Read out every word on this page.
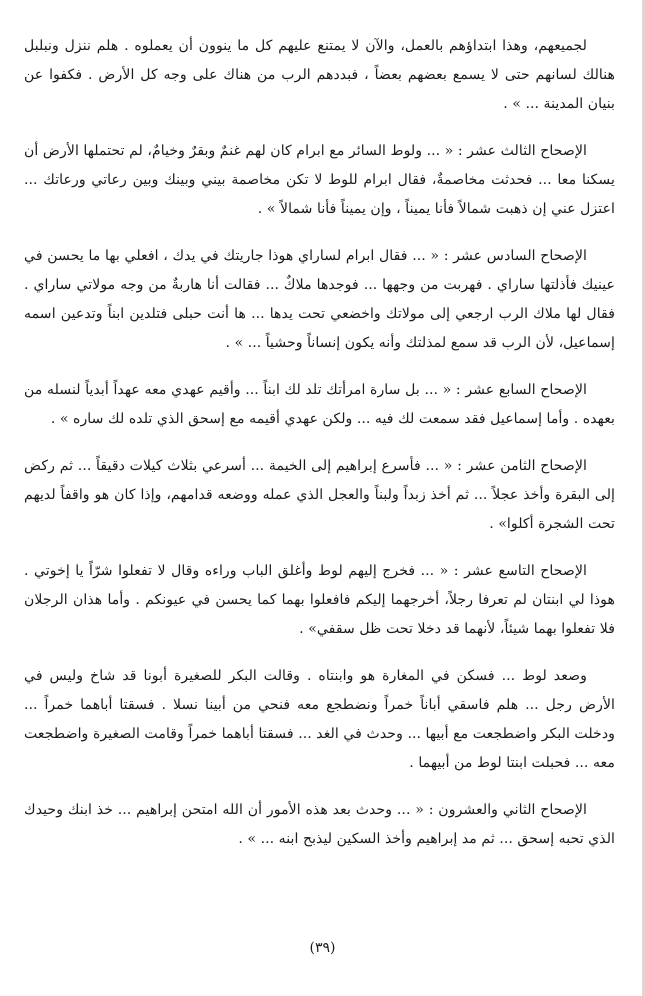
لجميعهم، وهذا ابتداؤهم بالعمل، والآن لا يمتنع عليهم كل ما ينوون أن يعملوه . هلم ننزل ونبلبل هنالك لسانهم حتى لا يسمع بعضهم بعضاً ، فبددهم الرب من هناك على وجه كل الأرض . فكفوا عن بنيان المدينة ... » .

الإصحاح الثالث عشر : « ... ولوط السائر مع ابرام كان لهم غنمٌ وبقرٌ وخيامٌ، لم تحتملها الأرض أن يسكنا معا ... فحدثت مخاصمةٌ، فقال ابرام للوط لا تكن مخاصمة بيني وبينك وبين رعاتي ورعاتك ... اعتزل عني إن ذهبت شمالاً فأنا يميناً ، وإن يميناً فأنا شمالاً » .

الإصحاح السادس عشر : « ... فقال ابرام لساراي هوذا جاريتك في يدك ، افعلي بها ما يحسن في عينيك فأذلتها ساراي . فهربت من وجهها ... فوجدها ملاكٌ ... فقالت أنا هاربةٌ من وجه مولاتي ساراي . فقال لها ملاك الرب ارجعي إلى مولاتك واخضعي تحت يدها ... ها أنت حبلى فتلدين ابناً وتدعين اسمه إسماعيل، لأن الرب قد سمع لمذلتك وأنه يكون إنساناً وحشياً ... » .

الإصحاح السابع عشر : « ... بل سارة امرأتك تلد لك ابناً ... وأقيم عهدي معه عهداً أبدياً لنسله من بعهده . وأما إسماعيل فقد سمعت لك فيه ... ولكن عهدي أقيمه مع إسحق الذي تلده لك ساره » .

الإصحاح الثامن عشر : « ... فأسرع إبراهيم إلى الخيمة ... أسرعي بثلاث كيلات دقيقاً ... ثم ركض إلى البقرة وأخذ عجلاً ... ثم أخذ زبداً ولبناً والعجل الذي عمله ووضعه قدامهم، وإذا كان هو واقفاً لديهم تحت الشجرة أكلوا» .

الإصحاح التاسع عشر : « ... فخرج إليهم لوط وأغلق الباب وراءه وقال لا تفعلوا شرّاً يا إخوتي . هوذا لي ابنتان لم تعرفا رجلاً، أخرجهما إليكم فافعلوا بهما كما يحسن في عيونكم . وأما هذان الرجلان فلا تفعلوا بهما شيئاً، لأنهما قد دخلا تحت ظل سقفي» .

وصعد لوط ... فسكن في المغارة هو وابنتاه . وقالت البكر للصغيرة أبونا قد شاخ وليس في الأرض رجل ... هلم فاسقي أباناً خمراً ونضطجع معه فنحي من أبينا نسلا . فسقتا أباهما خمراً ... ودخلت البكر واضطجعت مع أبيها ... وحدث في الغد ... فسقتا أباهما خمراً وقامت الصغيرة واضطجعت معه ... فحبلت ابنتا لوط من أبيهما .

الإصحاح الثاني والعشرون : « ... وحدث بعد هذه الأمور أن الله امتحن إبراهيم ... خذ ابنك وحيدك الذي تحبه إسحق ... ثم مد إبراهيم وأخذ السكين ليذبح ابنه ... » .

(٣٩)
